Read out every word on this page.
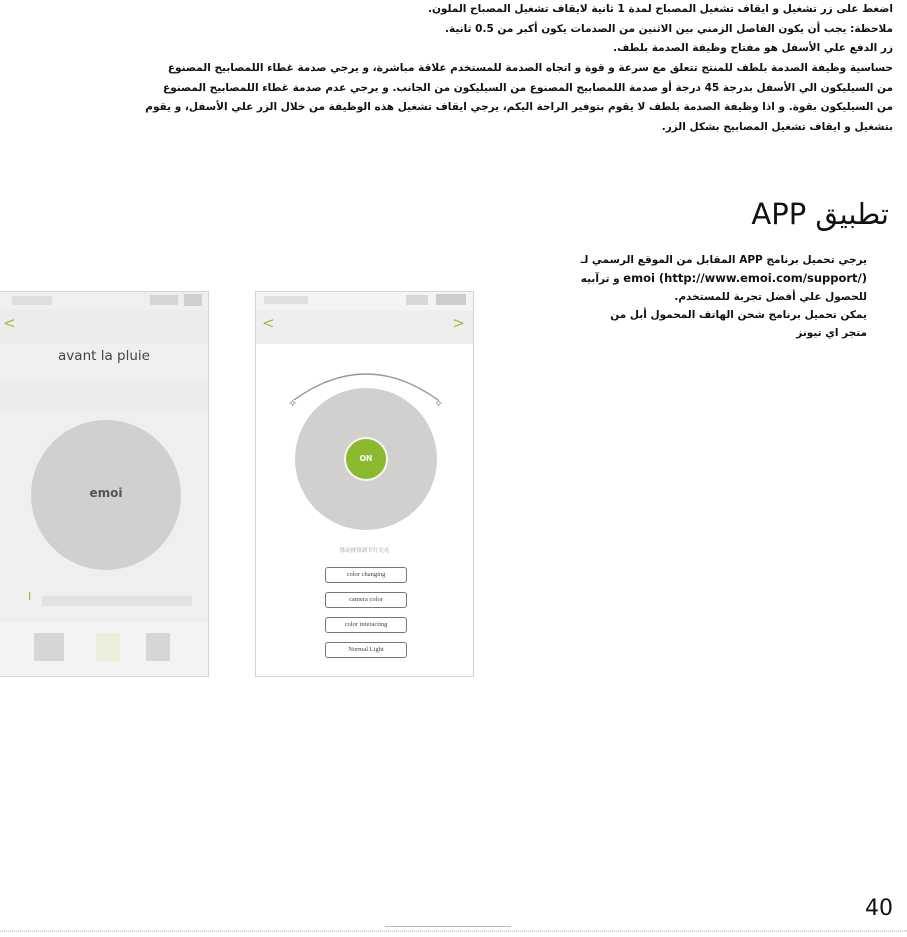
اضغط على زر تشغيل و ايقاف تشغيل المصباح لمدة 1 ثانية لايقاف تشغيل المصباح الملون.
ملاحظة: يجب أن يكون الفاصل الزمني بين الاثنين من الصدمات يكون أكبر من 0.5 ثانية.
زر الدفع علي الأسفل هو مفتاح وظيفة الصدمة بلطف.
حساسية وظيفة الصدمة بلطف للمنتج تتعلق مع سرعة و قوة و اتجاه الصدمة للمستخدم علاقة مباشرة، و يرجي صدمة غطاء اللمصابيح المصنوع
من السيليكون الي الأسفل بدرجة 45 درجة أو صدمة اللمصابيح المصنوع من السيليكون من الجانب. و يرجي عدم صدمة غطاء اللمصابيح المصنوع
من السيليكون بقوة. و اذا وظيفة الصدمة بلطف لا يقوم بتوفير الراحة اليكم، يرجي ايقاف تشغيل هذه الوظيفة من خلال الزر علي الأسفل، و يقوم
بتشغيل و ايقاف تشغيل المصابيح بشكل الزر.
تطبيق APP
يرجي تحميل برنامج APP المقابل من الموقع الرسمي لـ
emoi (http://www.emoi.com/support/) و ترآبيه
للحصول علي أفضل تجربة للمستخدم.
يمكن تحميل برنامج شحن الهاتف المحمول أبل من
متجر اي تيونز
<
avant la pluie
emoi
I
<	>
✧	✧
ON
移动按钮调节灯光亮
color changing
camera color
color interacting
Normal Light
40
